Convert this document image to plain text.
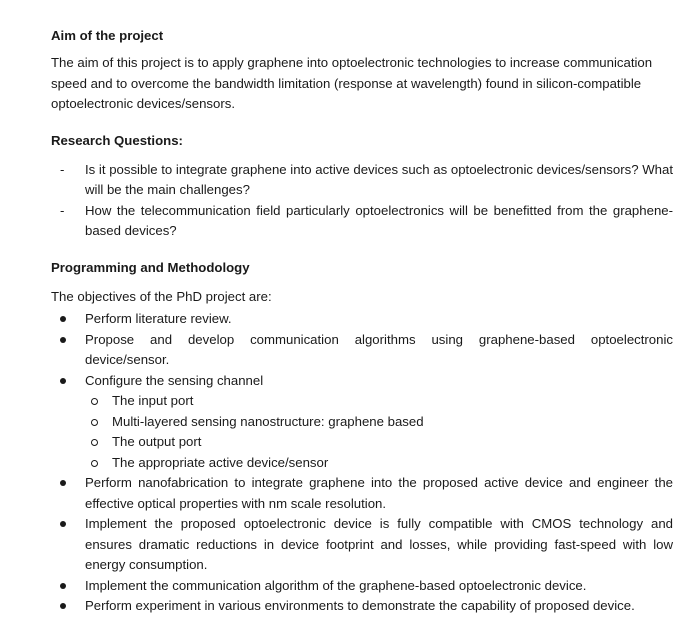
Aim of the project

The aim of this project is to apply graphene into optoelectronic technologies to increase communication speed and to overcome the bandwidth limitation (response at wavelength) found in silicon-compatible optoelectronic devices/sensors.

Research Questions:
- Is it possible to integrate graphene into active devices such as optoelectronic devices/sensors? What will be the main challenges?
- How the telecommunication field particularly optoelectronics will be benefitted from the graphene-based devices?
Programming and Methodology

The objectives of the PhD project are:

Perform literature review.
Propose and develop communication algorithms using graphene-based optoelectronic device/sensor.
Configure the sensing channel
The input port
Multi-layered sensing nanostructure: graphene based
The output port
The appropriate active device/sensor
Perform nanofabrication to integrate graphene into the proposed active device and engineer the effective optical properties with nm scale resolution.
Implement the proposed optoelectronic device is fully compatible with CMOS technology and ensures dramatic reductions in device footprint and losses, while providing fast-speed with low energy consumption.
Implement the communication algorithm of the graphene-based optoelectronic device.
Perform experiment in various environments to demonstrate the capability of proposed device.
